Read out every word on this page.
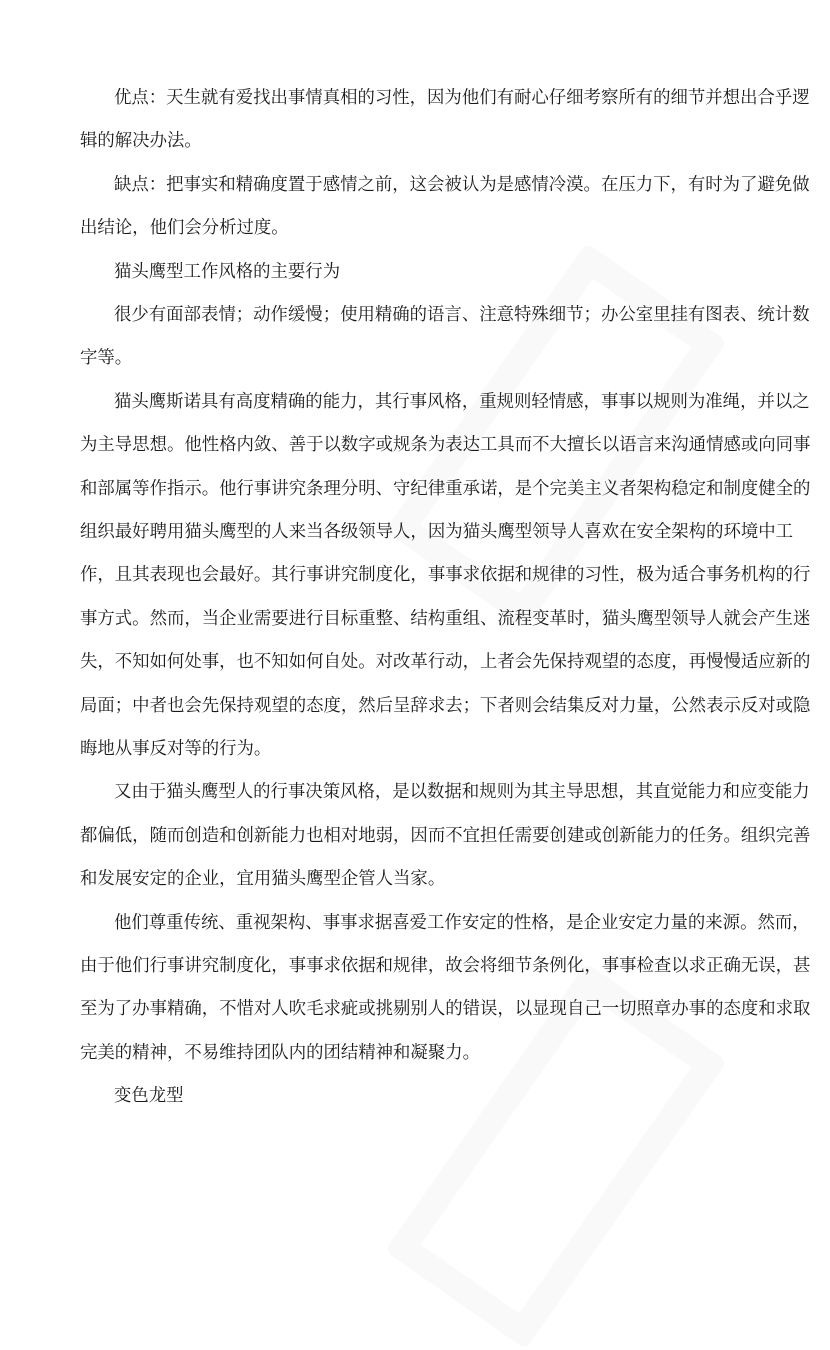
优点：天生就有爱找出事情真相的习性，因为他们有耐心仔细考察所有的细节并想出合乎逻
辑的解决办法。
缺点：把事实和精确度置于感情之前，这会被认为是感情冷漠。在压力下，有时为了避免做
出结论，他们会分析过度。
猫头鹰型工作风格的主要行为
很少有面部表情；动作缓慢；使用精确的语言、注意特殊细节；办公室里挂有图表、统计数
字等。
猫头鹰斯诺具有高度精确的能力，其行事风格，重规则轻情感，事事以规则为准绳，并以之
为主导思想。他性格内敛、善于以数字或规条为表达工具而不大擅长以语言来沟通情感或向同事
和部属等作指示。他行事讲究条理分明、守纪律重承诺，是个完美主义者架构稳定和制度健全的
组织最好聘用猫头鹰型的人来当各级领导人，因为猫头鹰型领导人喜欢在安全架构的环境中工
作，且其表现也会最好。其行事讲究制度化，事事求依据和规律的习性，极为适合事务机构的行
事方式。然而，当企业需要进行目标重整、结构重组、流程变革时，猫头鹰型领导人就会产生迷
失，不知如何处事，也不知如何自处。对改革行动，上者会先保持观望的态度，再慢慢适应新的
局面；中者也会先保持观望的态度，然后呈辞求去；下者则会结集反对力量，公然表示反对或隐
晦地从事反对等的行为。
又由于猫头鹰型人的行事决策风格，是以数据和规则为其主导思想，其直觉能力和应变能力
都偏低，随而创造和创新能力也相对地弱，因而不宜担任需要创建或创新能力的任务。组织完善
和发展安定的企业，宜用猫头鹰型企管人当家。
他们尊重传统、重视架构、事事求据喜爱工作安定的性格，是企业安定力量的来源。然而，
由于他们行事讲究制度化，事事求依据和规律，故会将细节条例化，事事检查以求正确无误，甚
至为了办事精确，不惜对人吹毛求疵或挑剔别人的错误，以显现自己一切照章办事的态度和求取
完美的精神，不易维持团队内的团结精神和凝聚力。
变色龙型
